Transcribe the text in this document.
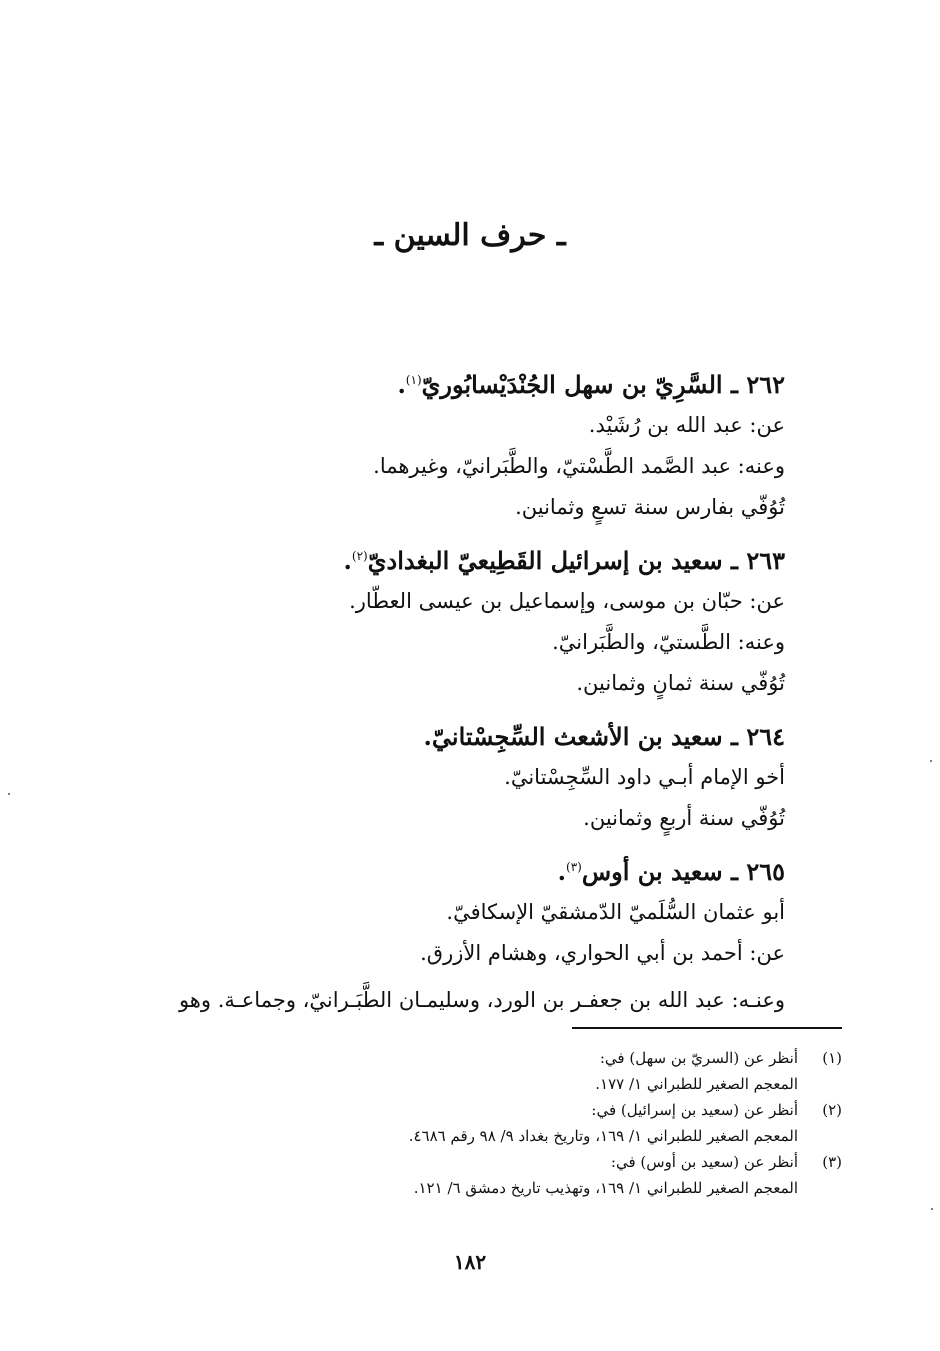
ـ حرف السين ـ
٢٦٢ ـ السَّرِيّ بن سهل الجُنْدَيْسابُوريّ$^{(١)}$.
عن: عبد الله بن رُشَيْد.
وعنه: عبد الصَّمد الطَّسْتيّ، والطَّبَرانيّ، وغيرهما.
تُوُفّي بفارس سنة تسعٍ وثمانين.
٢٦٣ ـ سعيد بن إسرائيل القَطِيعيّ البغداديّ$^{(٢)}$.
عن: حبّان بن موسى، وإسماعيل بن عيسى العطّار.
وعنه: الطَّستيّ، والطَّبَرانيّ.
تُوُفّي سنة ثمانٍ وثمانين.
٢٦٤ ـ سعيد بن الأشعث السِّجِسْتانيّ.
أخو الإمام أبـي داود السِّجِسْتانيّ.
تُوُفّي سنة أربعٍ وثمانين.
٢٦٥ ـ سعيد بن أوس$^{(٣)}$.
أبو عثمان السُّلَميّ الدّمشقيّ الإسكافيّ.
عن: أحمد بن أبي الحواري، وهشام الأزرق.
وعنـه: عبد الله بن جعفـر بن الورد، وسليمـان الطَّبَـرانيّ، وجماعـة. وهو
(١)
أنظر عن (السريّ بن سهل) في:
المعجم الصغير للطبراني ١/ ١٧٧.
(٢)
أنظر عن (سعيد بن إسرائيل) في:
المعجم الصغير للطبراني ١/ ١٦٩، وتاريخ بغداد ٩/ ٩٨ رقم ٤٦٨٦.
(٣)
أنظر عن (سعيد بن أوس) في:
المعجم الصغير للطبراني ١/ ١٦٩، وتهذيب تاريخ دمشق ٦/ ١٢١.
١٨٢
